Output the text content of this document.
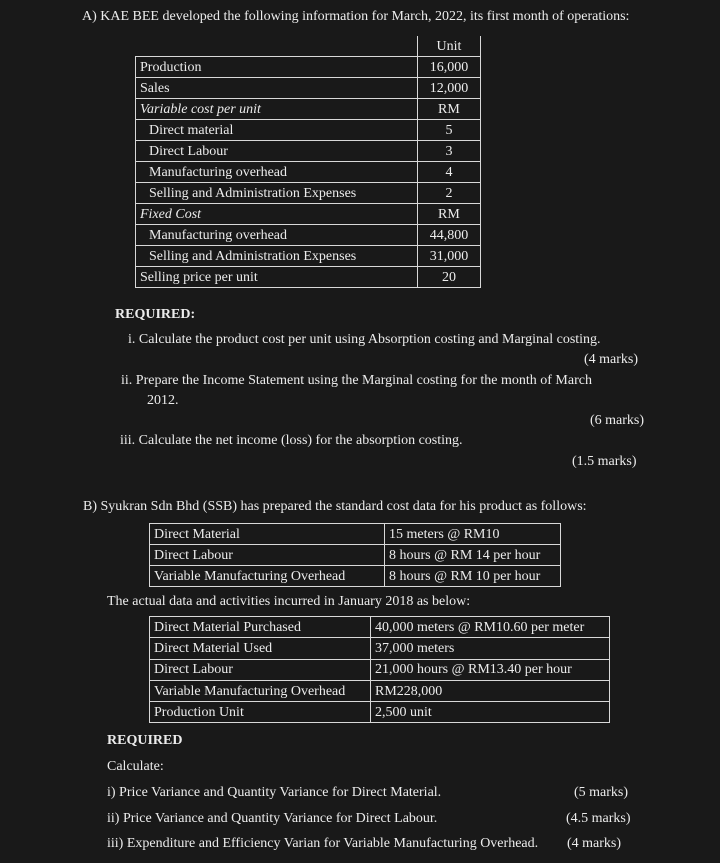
A) KAE BEE developed the following information for March, 2022, its first month of operations:
	Unit
Production	16,000
Sales	12,000
Variable cost per unit	RM
Direct material	5
Direct Labour	3
Manufacturing overhead	4
Selling and Administration Expenses	2
Fixed Cost	RM
Manufacturing overhead	44,800
Selling and Administration Expenses	31,000
Selling price per unit	20
REQUIRED:
i. Calculate the product cost per unit using Absorption costing and Marginal costing.
(4 marks)
ii. Prepare the Income Statement using the Marginal costing for the month of March
2012.
(6 marks)
iii. Calculate the net income (loss) for the absorption costing.
(1.5 marks)
B) Syukran Sdn Bhd (SSB) has prepared the standard cost data for his product as follows:
Direct Material	15 meters @ RM10
Direct Labour	8 hours @ RM 14 per hour
Variable Manufacturing Overhead	8 hours @ RM 10 per hour
The actual data and activities incurred in January 2018 as below:
Direct Material Purchased	40,000 meters @ RM10.60 per meter
Direct Material Used	37,000 meters
Direct Labour	21,000 hours @ RM13.40 per hour
Variable Manufacturing Overhead	RM228,000
Production Unit	2,500 unit
REQUIRED
Calculate:
i) Price Variance and Quantity Variance for Direct Material.	(5 marks)
ii) Price Variance and Quantity Variance for Direct Labour.	(4.5 marks)
iii) Expenditure and Efficiency Varian for Variable Manufacturing Overhead. (4 marks)
